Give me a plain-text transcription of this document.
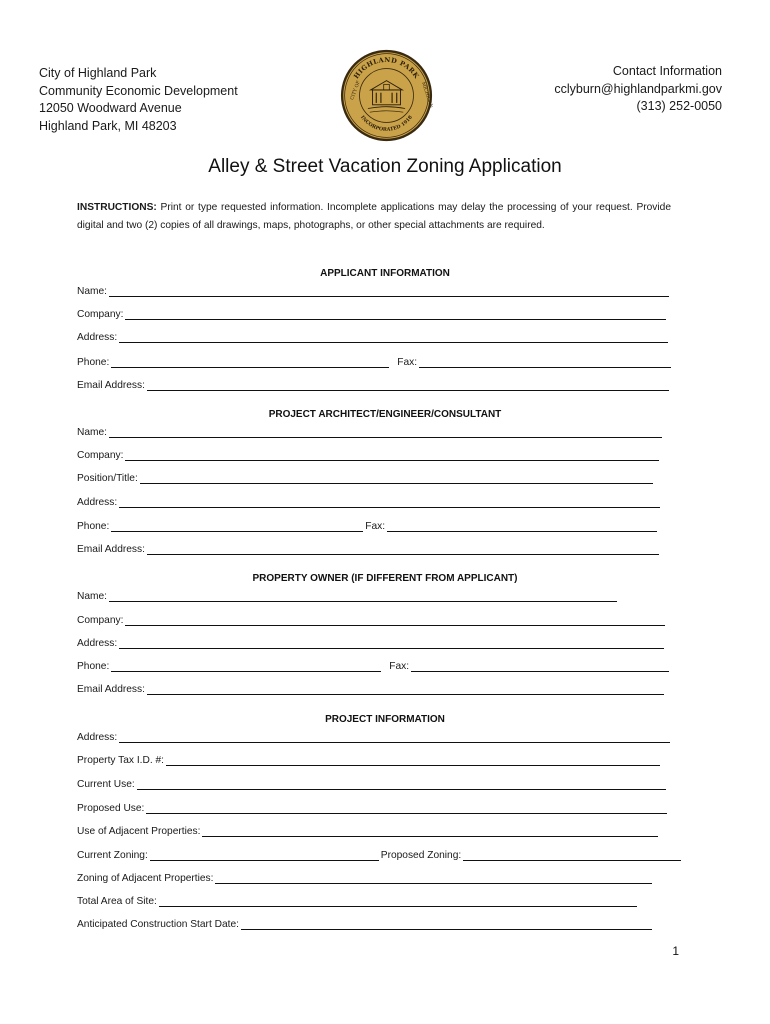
City of Highland Park
Community Economic Development
12050 Woodward Avenue
Highland Park, MI 48203
HIGHLAND PARK
INCORPORATED 1918
CITY OF	MICHIGAN
Contact Information
cclyburn@highlandparkmi.gov
(313) 252-0050
Alley & Street Vacation Zoning Application
INSTRUCTIONS: Print or type requested information. Incomplete applications may delay the processing of your request. Provide digital and two (2) copies of all drawings, maps, photographs, or other special attachments are required.
APPLICANT INFORMATION
Name:
Company:
Address:
Phone:	Fax:
Email Address:
PROJECT ARCHITECT/ENGINEER/CONSULTANT
Name:
Company:
Position/Title:
Address:
Phone:	Fax:
Email Address:
PROPERTY OWNER (IF DIFFERENT FROM APPLICANT)
Name:
Company:
Address:
Phone:	Fax:
Email Address:
PROJECT INFORMATION
Address:
Property Tax I.D. #:
Current Use:
Proposed Use:
Use of Adjacent Properties:
Current Zoning:	Proposed Zoning:
Zoning of Adjacent Properties:
Total Area of Site:
Anticipated Construction Start Date:
1
